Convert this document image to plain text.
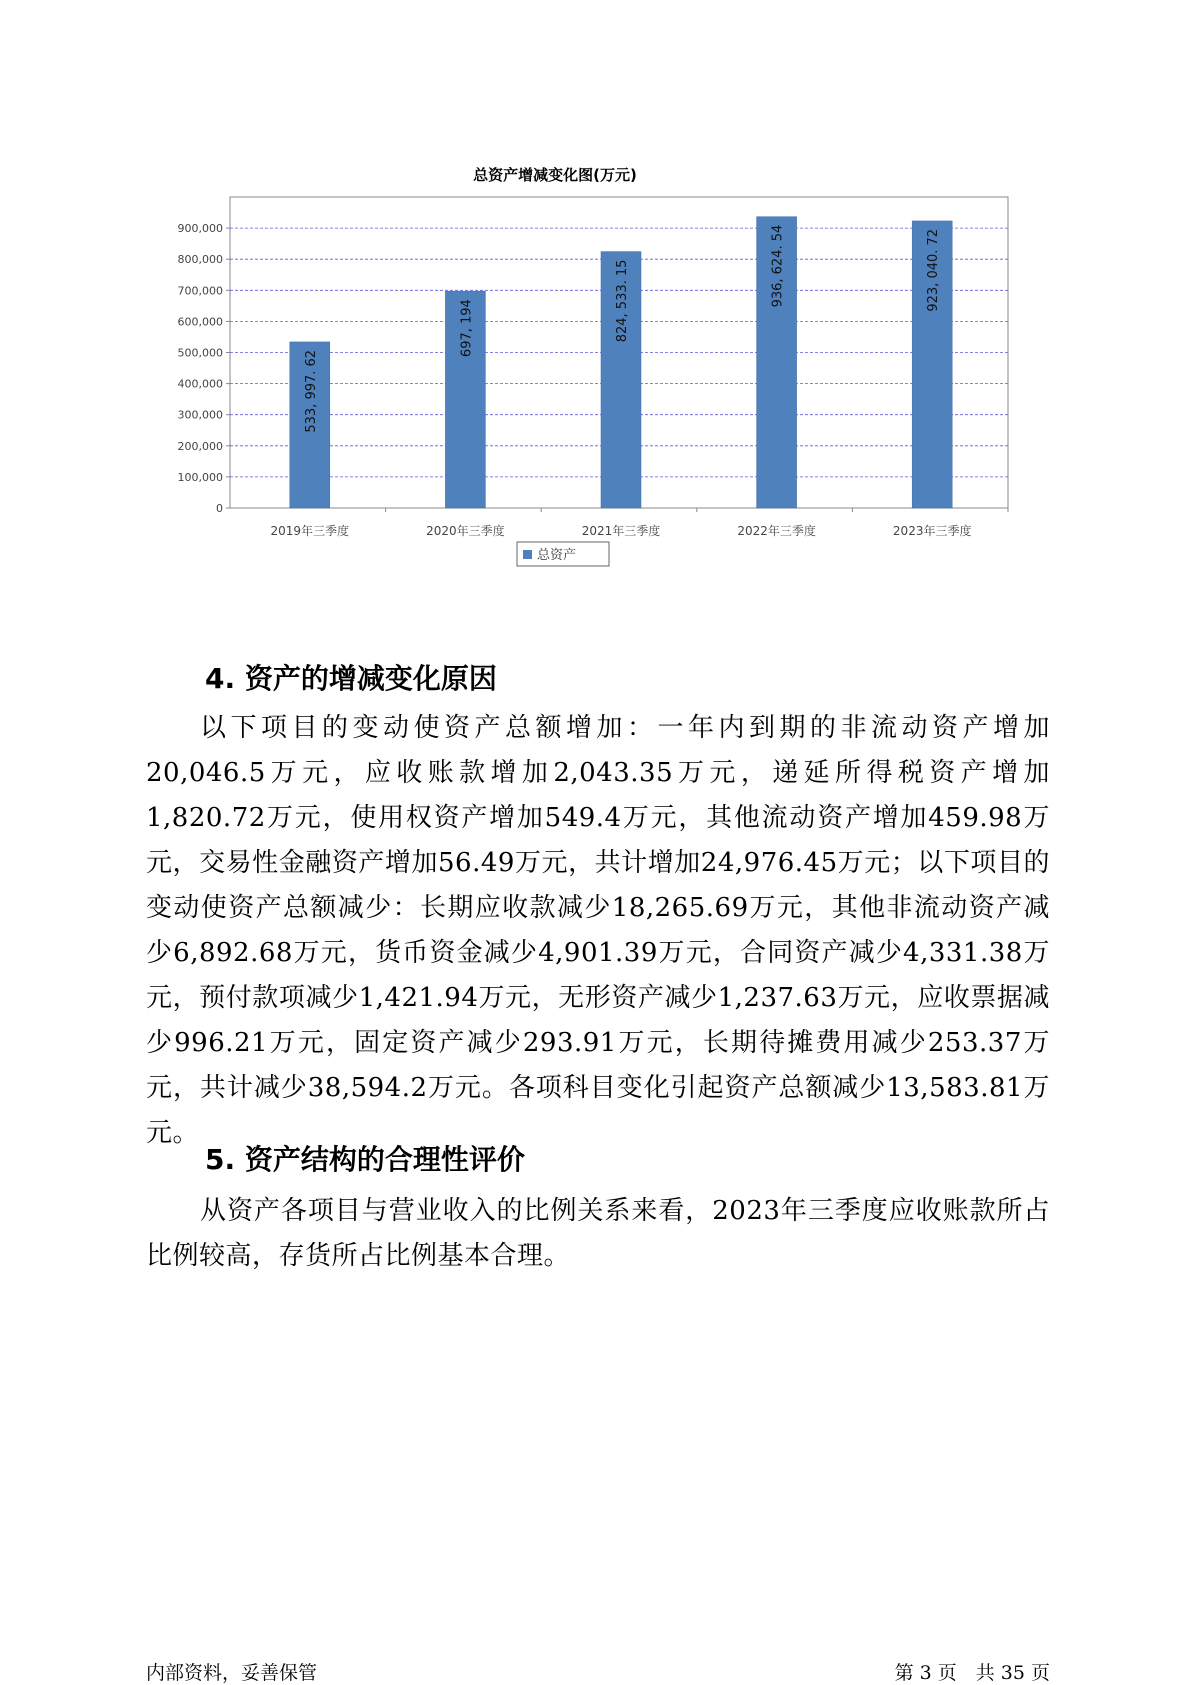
总资产增减变化图(万元)
533, 997. 62
697, 194	824, 533. 15	936, 624. 54	923, 040. 72
0
100,000
200,000
300,000
400,000
500,000
600,000
700,000
800,000
900,000
2019年三季度	2020年三季度	2021年三季度	2022年三季度	2023年三季度
总资产
4. 资产的增减变化原因

以下项目的变动使资产总额增加：一年内到期的非流动资产增加20,046.5万元，应收账款增加2,043.35万元，递延所得税资产增加1,820.72万元，使用权资产增加549.4万元，其他流动资产增加459.98万元，交易性金融资产增加56.49万元，共计增加24,976.45万元；以下项目的变动使资产总额减少：长期应收款减少18,265.69万元，其他非流动资产减少6,892.68万元，货币资金减少4,901.39万元，合同资产减少4,331.38万元，预付款项减少1,421.94万元，无形资产减少1,237.63万元，应收票据减少996.21万元，固定资产减少293.91万元，长期待摊费用减少253.37万元，共计减少38,594.2万元。各项科目变化引起资产总额减少13,583.81万元。

5. 资产结构的合理性评价

从资产各项目与营业收入的比例关系来看，2023年三季度应收账款所占比例较高，存货所占比例基本合理。

内部资料，妥善保管	第 3 页　共 35 页
